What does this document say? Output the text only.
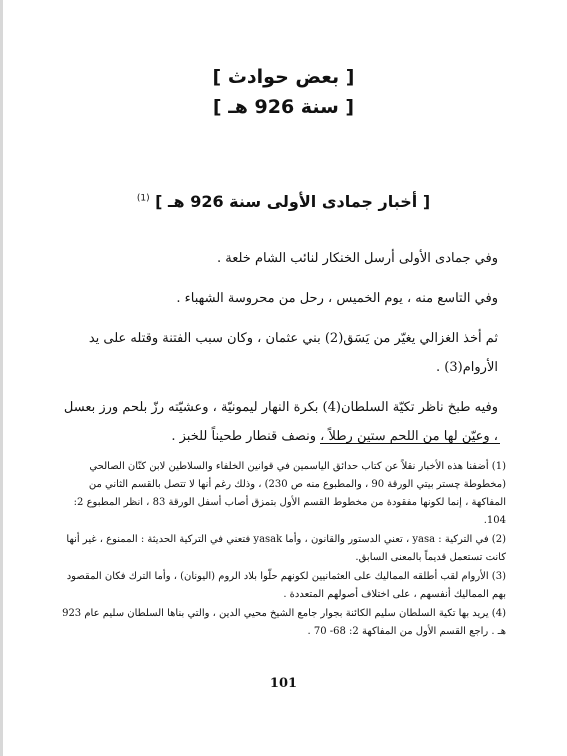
[ بعض حوادث ]
[ سنة 926 هـ ]
[ أخبار جمادى الأولى سنة 926 هـ ] $^{(1)}$

وفي جمادى الأولى أرسل الخنكار لنائب الشام خلعة .

وفي التاسع منه ، يوم الخميس ، رحل من محروسة الشهباء .

ثم أخذ الغزالي يغيّر من يَسَق(2) بني عثمان ، وكان سبب الفتنة وقتله على يد الأروام(3) .

وفيه طبخ ناظر تكيّة السلطان(4) بكرة النهار ليمونيّة ، وعشيّته رزّ بلحم ورز بعسل ، وعيّن لها من اللحم ستين رطلاً ، ونصف قنطار طحيناً للخبز .

(1) أضفنا هذه الأخبار نقلاً عن كتاب حدائق الياسمين في قوانين الخلفاء والسلاطين لابن كنّان الصالحي (مخطوطة چستر بيتي الورقة 90 ، والمطبوع منه ص 230) ، وذلك رغم أنها لا تتصل بالقسم الثاني من المفاكهة ، إنما لكونها مفقودة من مخطوط القسم الأول بتمزق أصاب أسفل الورقة 83 ، انظر المطبوع 2: 104.

(2) في التركية : yasa ، تعني الدستور والقانون ، وأما yasak فتعني في التركية الحديثة : الممنوع ، غير أنها كانت تستعمل قديماً بالمعنى السابق.

(3) الأروام لقب أطلقه المماليك على العثمانيين لكونهم حلّوا بلاد الروم (اليونان) ، وأما الترك فكان المقصود بهم المماليك أنفسهم ، على اختلاف أصولهم المتعددة .

(4) يريد بها تكية السلطان سليم الكائنة بجوار جامع الشيخ محيي الدين ، والتي بناها السلطان سليم عام 923 هـ . راجع القسم الأول من المفاكهة 2: 68- 70 .

101
